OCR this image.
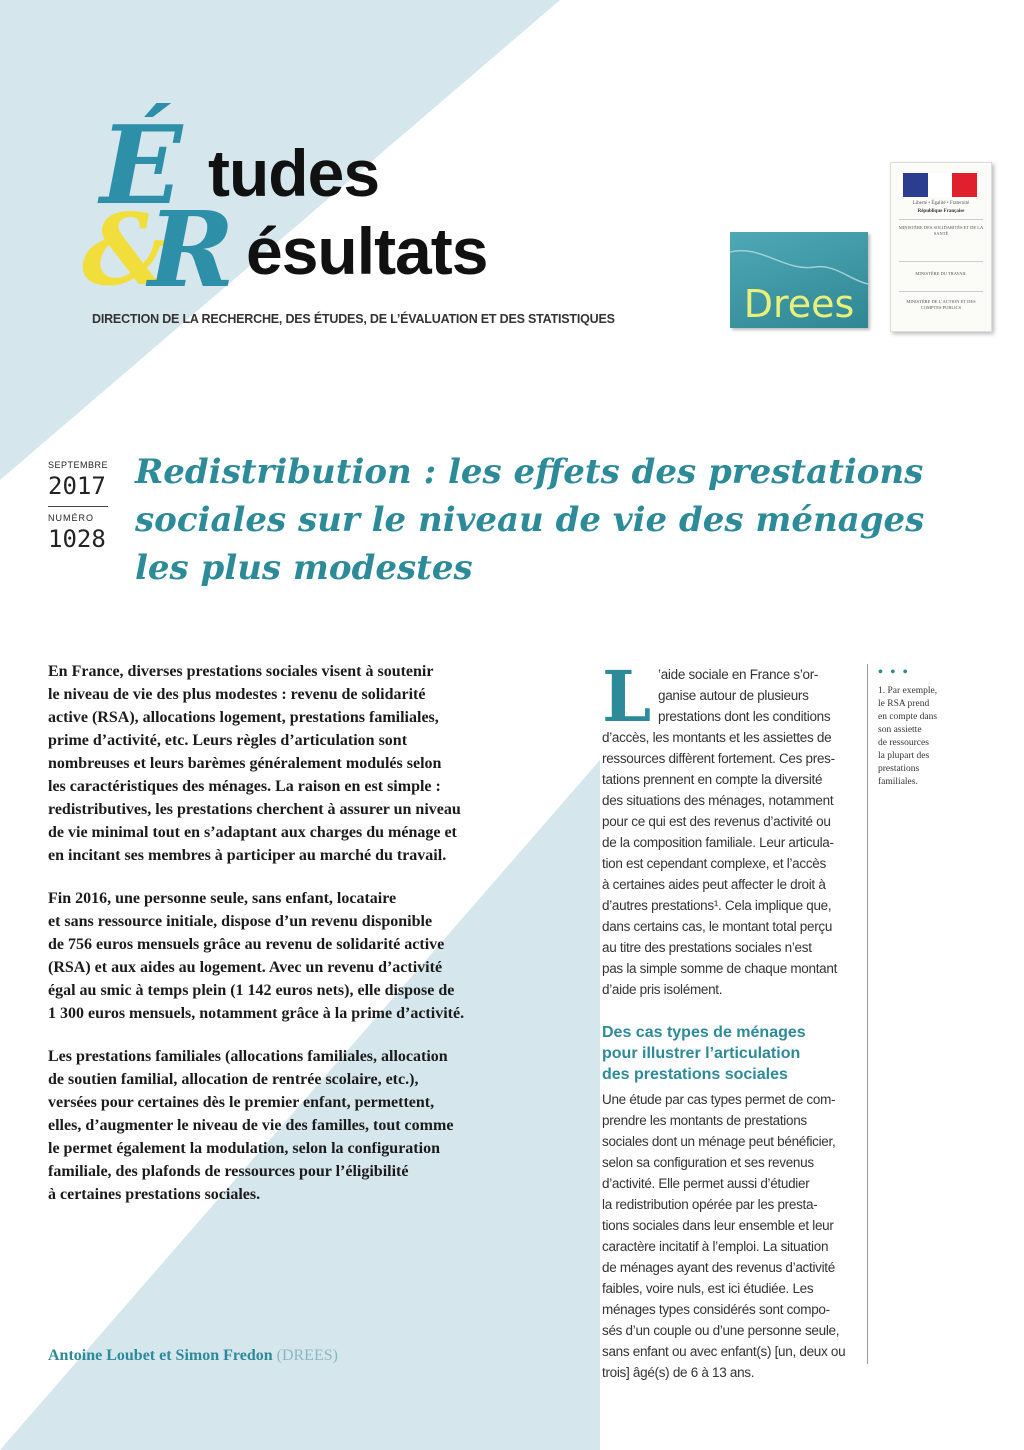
É tudes
&
R ésultats
DIRECTION DE LA RECHERCHE, DES ÉTUDES, DE L’ÉVALUATION ET DES STATISTIQUES	Drees
Liberté • Égalité • Fraternité
République Française
MINISTÈRE DES SOLIDARITÉS ET DE LA SANTÉ
MINISTÈRE DU TRAVAIL
MINISTÈRE DE L’ACTION ET DES COMPTES PUBLICS
SEPTEMBRE
2017
NUMÉRO
1028
Redistribution : les effets des prestations
sociales sur le niveau de vie des ménages
les plus modestes

En France, diverses prestations sociales visent à soutenir
le niveau de vie des plus modestes : revenu de solidarité
active (RSA), allocations logement, prestations familiales,
prime d’activité, etc. Leurs règles d’articulation sont
nombreuses et leurs barèmes généralement modulés selon
les caractéristiques des ménages. La raison en est simple :
redistributives, les prestations cherchent à assurer un niveau
de vie minimal tout en s’adaptant aux charges du ménage et
en incitant ses membres à participer au marché du travail.

Fin 2016, une personne seule, sans enfant, locataire
et sans ressource initiale, dispose d’un revenu disponible
de 756 euros mensuels grâce au revenu de solidarité active
(RSA) et aux aides au logement. Avec un revenu d’activité
égal au smic à temps plein (1 142 euros nets), elle dispose de
1 300 euros mensuels, notamment grâce à la prime d’activité.

Les prestations familiales (allocations familiales, allocation
de soutien familial, allocation de rentrée scolaire, etc.),
versées pour certaines dès le premier enfant, permettent,
elles, d’augmenter le niveau de vie des familles, tout comme
le permet également la modulation, selon la configuration
familiale, des plafonds de ressources pour l’éligibilité
à certaines prestations sociales.

Antoine Loubet et Simon Fredon (DREES)
L ’aide sociale en France s’or-
ganise autour de plusieurs
prestations dont les conditions
d’accès, les montants et les assiettes de
ressources diffèrent fortement. Ces pres-
tations prennent en compte la diversité
des situations des ménages, notamment
pour ce qui est des revenus d’activité ou
de la composition familiale. Leur articula-
tion est cependant complexe, et l’accès
à certaines aides peut affecter le droit à
d’autres prestations¹. Cela implique que,
dans certains cas, le montant total perçu
au titre des prestations sociales n’est
pas la simple somme de chaque montant
d’aide pris isolément.
Des cas types de ménages
pour illustrer l’articulation
des prestations sociales
Une étude par cas types permet de com-
prendre les montants de prestations
sociales dont un ménage peut bénéficier,
selon sa configuration et ses revenus
d’activité. Elle permet aussi d’étudier
la redistribution opérée par les presta-
tions sociales dans leur ensemble et leur
caractère incitatif à l’emploi. La situation
de ménages ayant des revenus d’activité
faibles, voire nuls, est ici étudiée. Les
ménages types considérés sont compo-
sés d’un couple ou d’une personne seule,
sans enfant ou avec enfant(s) [un, deux ou
trois] âgé(s) de 6 à 13 ans.
• • •
1. Par exemple,
le RSA prend
en compte dans
son assiette
de ressources
la plupart des
prestations
familiales.
